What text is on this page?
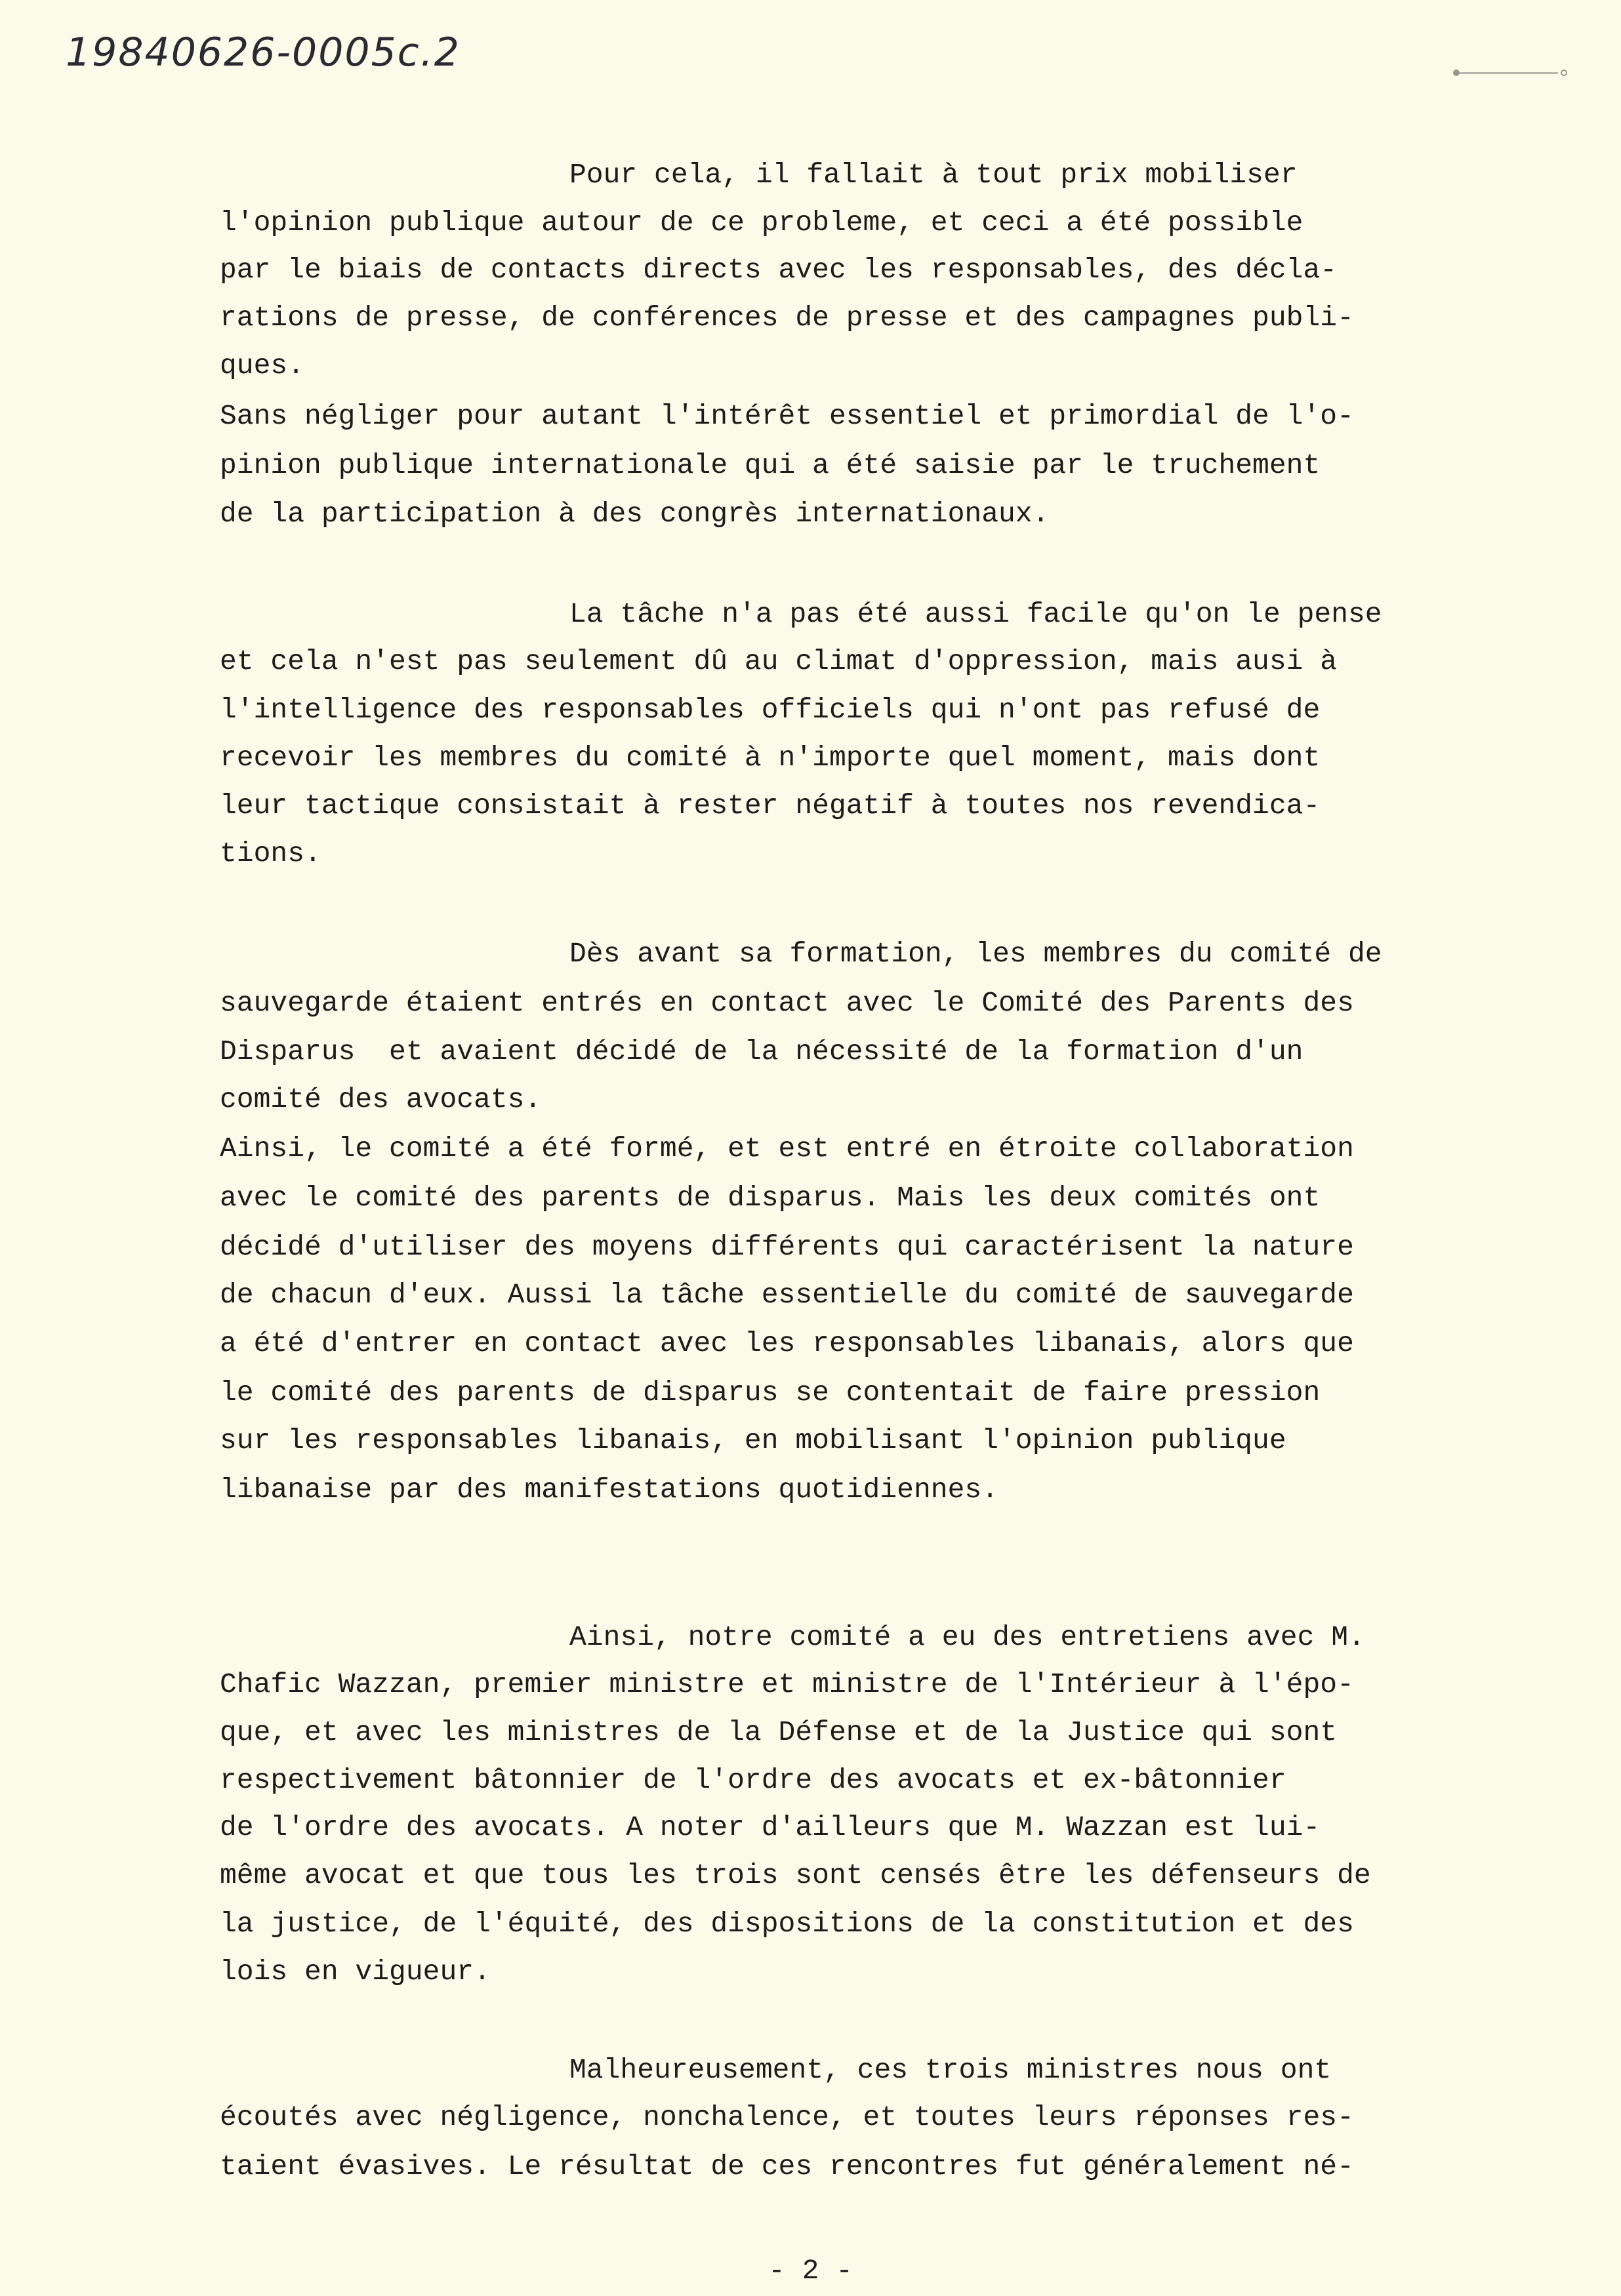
19840626-0005c.2
Pour cela, il fallait à tout prix mobiliser
l'opinion publique autour de ce probleme, et ceci a été possible
par le biais de contacts directs avec les responsables, des décla-
rations de presse, de conférences de presse et des campagnes publi-
ques.
Sans négliger pour autant l'intérêt essentiel et primordial de l'o-
pinion publique internationale qui a été saisie par le truchement
de la participation à des congrès internationaux.
La tâche n'a pas été aussi facile qu'on le pense
et cela n'est pas seulement dû au climat d'oppression, mais ausi à
l'intelligence des responsables officiels qui n'ont pas refusé de
recevoir les membres du comité à n'importe quel moment, mais dont
leur tactique consistait à rester négatif à toutes nos revendica-
tions.
Dès avant sa formation, les membres du comité de
sauvegarde étaient entrés en contact avec le Comité des Parents des
Disparus  et avaient décidé de la nécessité de la formation d'un
comité des avocats.
Ainsi, le comité a été formé, et est entré en étroite collaboration
avec le comité des parents de disparus. Mais les deux comités ont
décidé d'utiliser des moyens différents qui caractérisent la nature
de chacun d'eux. Aussi la tâche essentielle du comité de sauvegarde
a été d'entrer en contact avec les responsables libanais, alors que
le comité des parents de disparus se contentait de faire pression
sur les responsables libanais, en mobilisant l'opinion publique
libanaise par des manifestations quotidiennes.
Ainsi, notre comité a eu des entretiens avec M.
Chafic Wazzan, premier ministre et ministre de l'Intérieur à l'épo-
que, et avec les ministres de la Défense et de la Justice qui sont
respectivement bâtonnier de l'ordre des avocats et ex-bâtonnier
de l'ordre des avocats. A noter d'ailleurs que M. Wazzan est lui-
même avocat et que tous les trois sont censés être les défenseurs de
la justice, de l'équité, des dispositions de la constitution et des
lois en vigueur.
Malheureusement, ces trois ministres nous ont
écoutés avec négligence, nonchalence, et toutes leurs réponses res-
taient évasives. Le résultat de ces rencontres fut généralement né-
- 2 -
